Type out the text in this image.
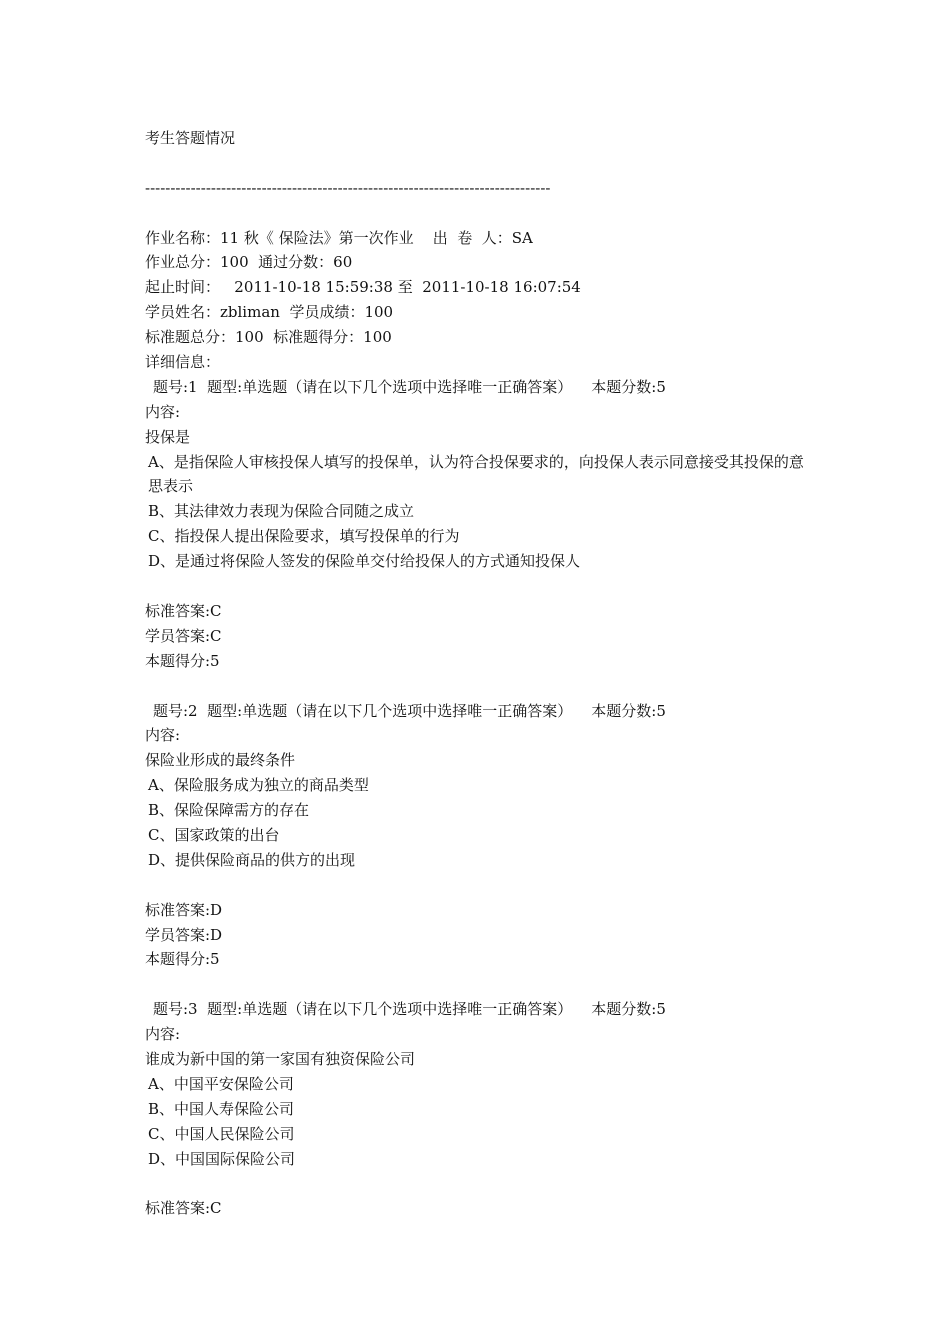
考生答题情况
--------------------------------------------------------------------------------
作业名称：11 秋《 保险法》第一次作业    出  卷  人：SA
作业总分：100  通过分数：60
起止时间：   2011-10-18 15:59:38 至  2011-10-18 16:07:54
学员姓名：zbliman  学员成绩：100
标准题总分：100  标准题得分：100
详细信息：
题号:1  题型:单选题（请在以下几个选项中选择唯一正确答案）    本题分数:5
内容:
投保是
A、是指保险人审核投保人填写的投保单，认为符合投保要求的，向投保人表示同意接受其投保的意思表示
B、其法律效力表现为保险合同随之成立
C、指投保人提出保险要求，填写投保单的行为
D、是通过将保险人签发的保险单交付给投保人的方式通知投保人
标准答案:C
学员答案:C
本题得分:5
题号:2  题型:单选题（请在以下几个选项中选择唯一正确答案）    本题分数:5
内容:
保险业形成的最终条件
A、保险服务成为独立的商品类型
B、保险保障需方的存在
C、国家政策的出台
D、提供保险商品的供方的出现
标准答案:D
学员答案:D
本题得分:5
题号:3  题型:单选题（请在以下几个选项中选择唯一正确答案）    本题分数:5
内容:
谁成为新中国的第一家国有独资保险公司
A、中国平安保险公司
B、中国人寿保险公司
C、中国人民保险公司
D、中国国际保险公司
标准答案:C
